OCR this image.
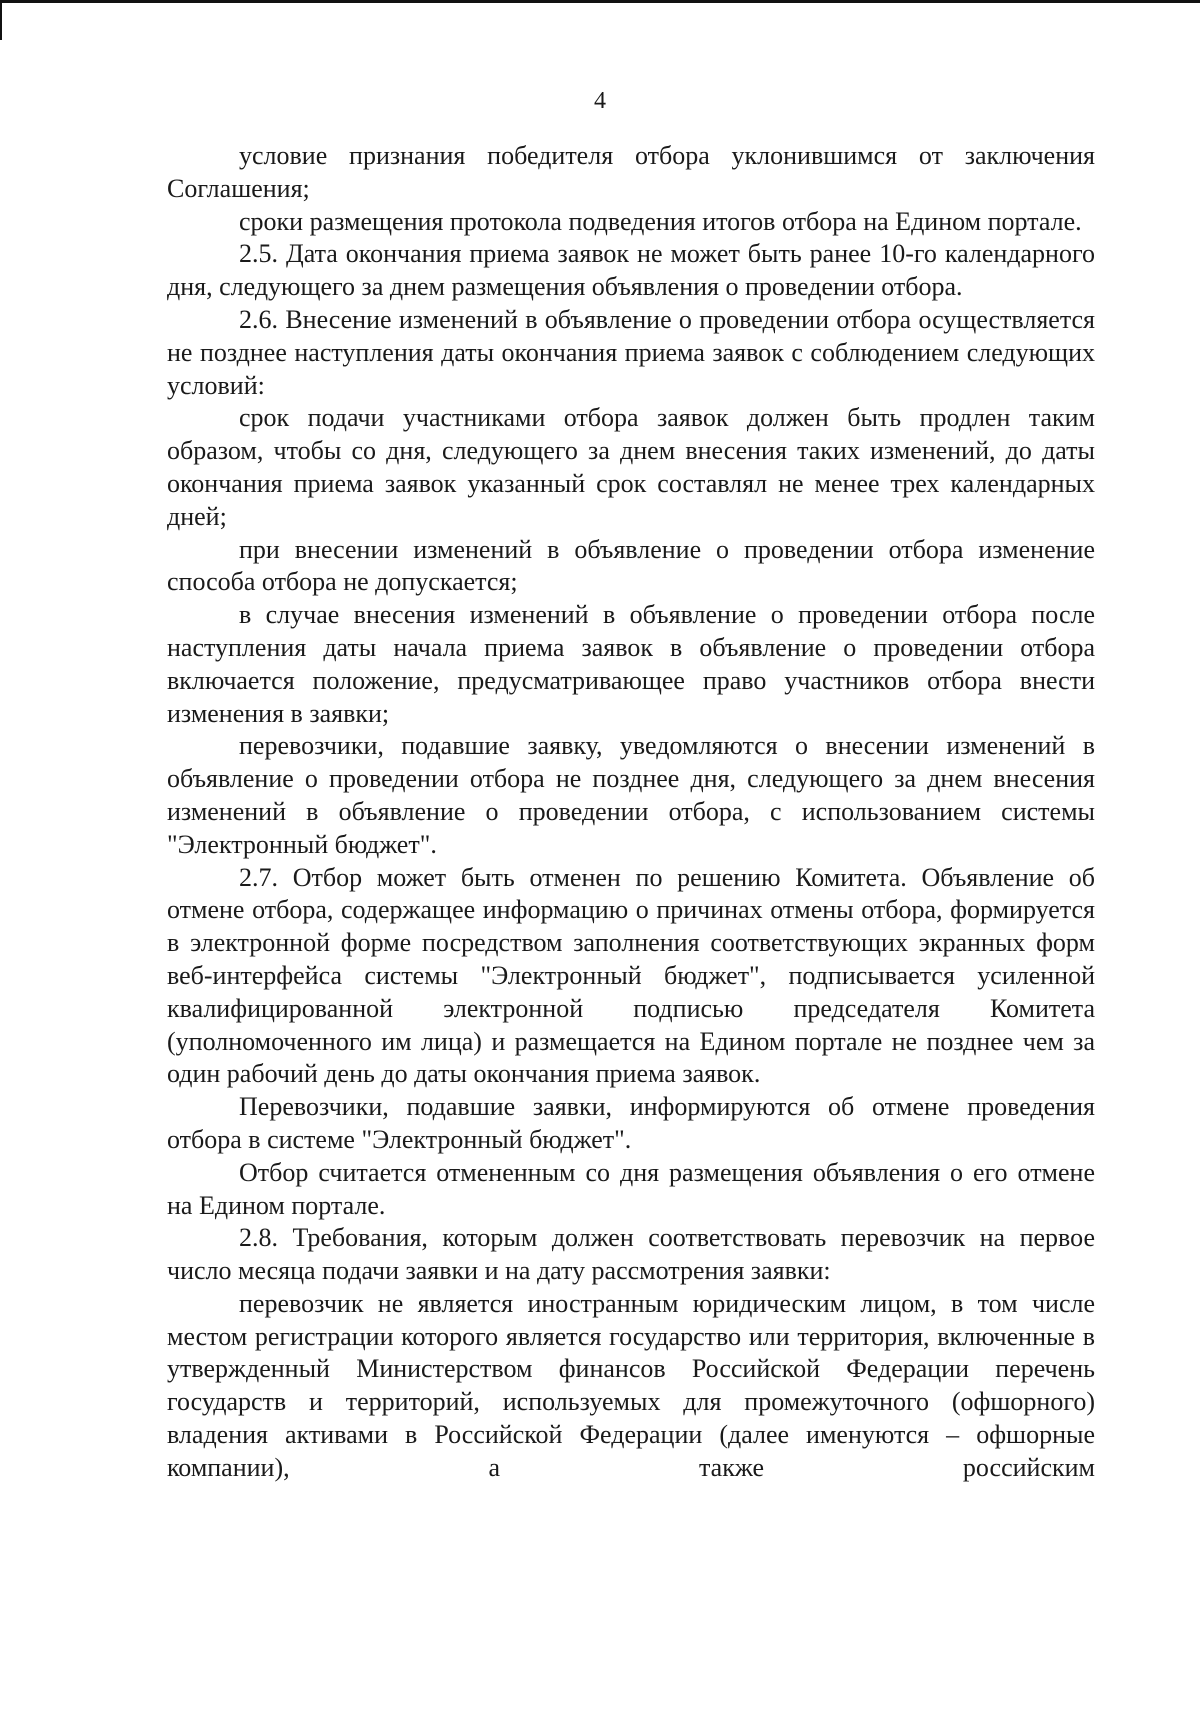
4

условие признания победителя отбора уклонившимся от заключения Соглашения;

сроки размещения протокола подведения итогов отбора на Едином портале.

2.5. Дата окончания приема заявок не может быть ранее 10-го календарного дня, следующего за днем размещения объявления о проведении отбора.

2.6. Внесение изменений в объявление о проведении отбора осуществляется не позднее наступления даты окончания приема заявок с соблюдением следующих условий:

срок подачи участниками отбора заявок должен быть продлен таким образом, чтобы со дня, следующего за днем внесения таких изменений, до даты окончания приема заявок указанный срок составлял не менее трех календарных дней;

при внесении изменений в объявление о проведении отбора изменение способа отбора не допускается;

в случае внесения изменений в объявление о проведении отбора после наступления даты начала приема заявок в объявление о проведении отбора включается положение, предусматривающее право участников отбора внести изменения в заявки;

перевозчики, подавшие заявку, уведомляются о внесении изменений в объявление о проведении отбора не позднее дня, следующего за днем внесения изменений в объявление о проведении отбора, с использованием системы "Электронный бюджет".

2.7. Отбор может быть отменен по решению Комитета. Объявление об отмене отбора, содержащее информацию о причинах отмены отбора, формируется в электронной форме посредством заполнения соответствующих экранных форм веб-интерфейса системы "Электронный бюджет", подписывается усиленной квалифицированной электронной подписью председателя Комитета (уполномоченного им лица) и размещается на Едином портале не позднее чем за один рабочий день до даты окончания приема заявок.

Перевозчики, подавшие заявки, информируются об отмене проведения отбора в системе "Электронный бюджет".

Отбор считается отмененным со дня размещения объявления о его отмене на Едином портале.

2.8. Требования, которым должен соответствовать перевозчик на первое число месяца подачи заявки и на дату рассмотрения заявки:

перевозчик не является иностранным юридическим лицом, в том числе местом регистрации которого является государство или территория, включенные в утвержденный Министерством финансов Российской Федерации перечень государств и территорий, используемых для промежуточного (офшорного) владения активами в Российской Федерации (далее именуются – офшорные компании), а также российским
